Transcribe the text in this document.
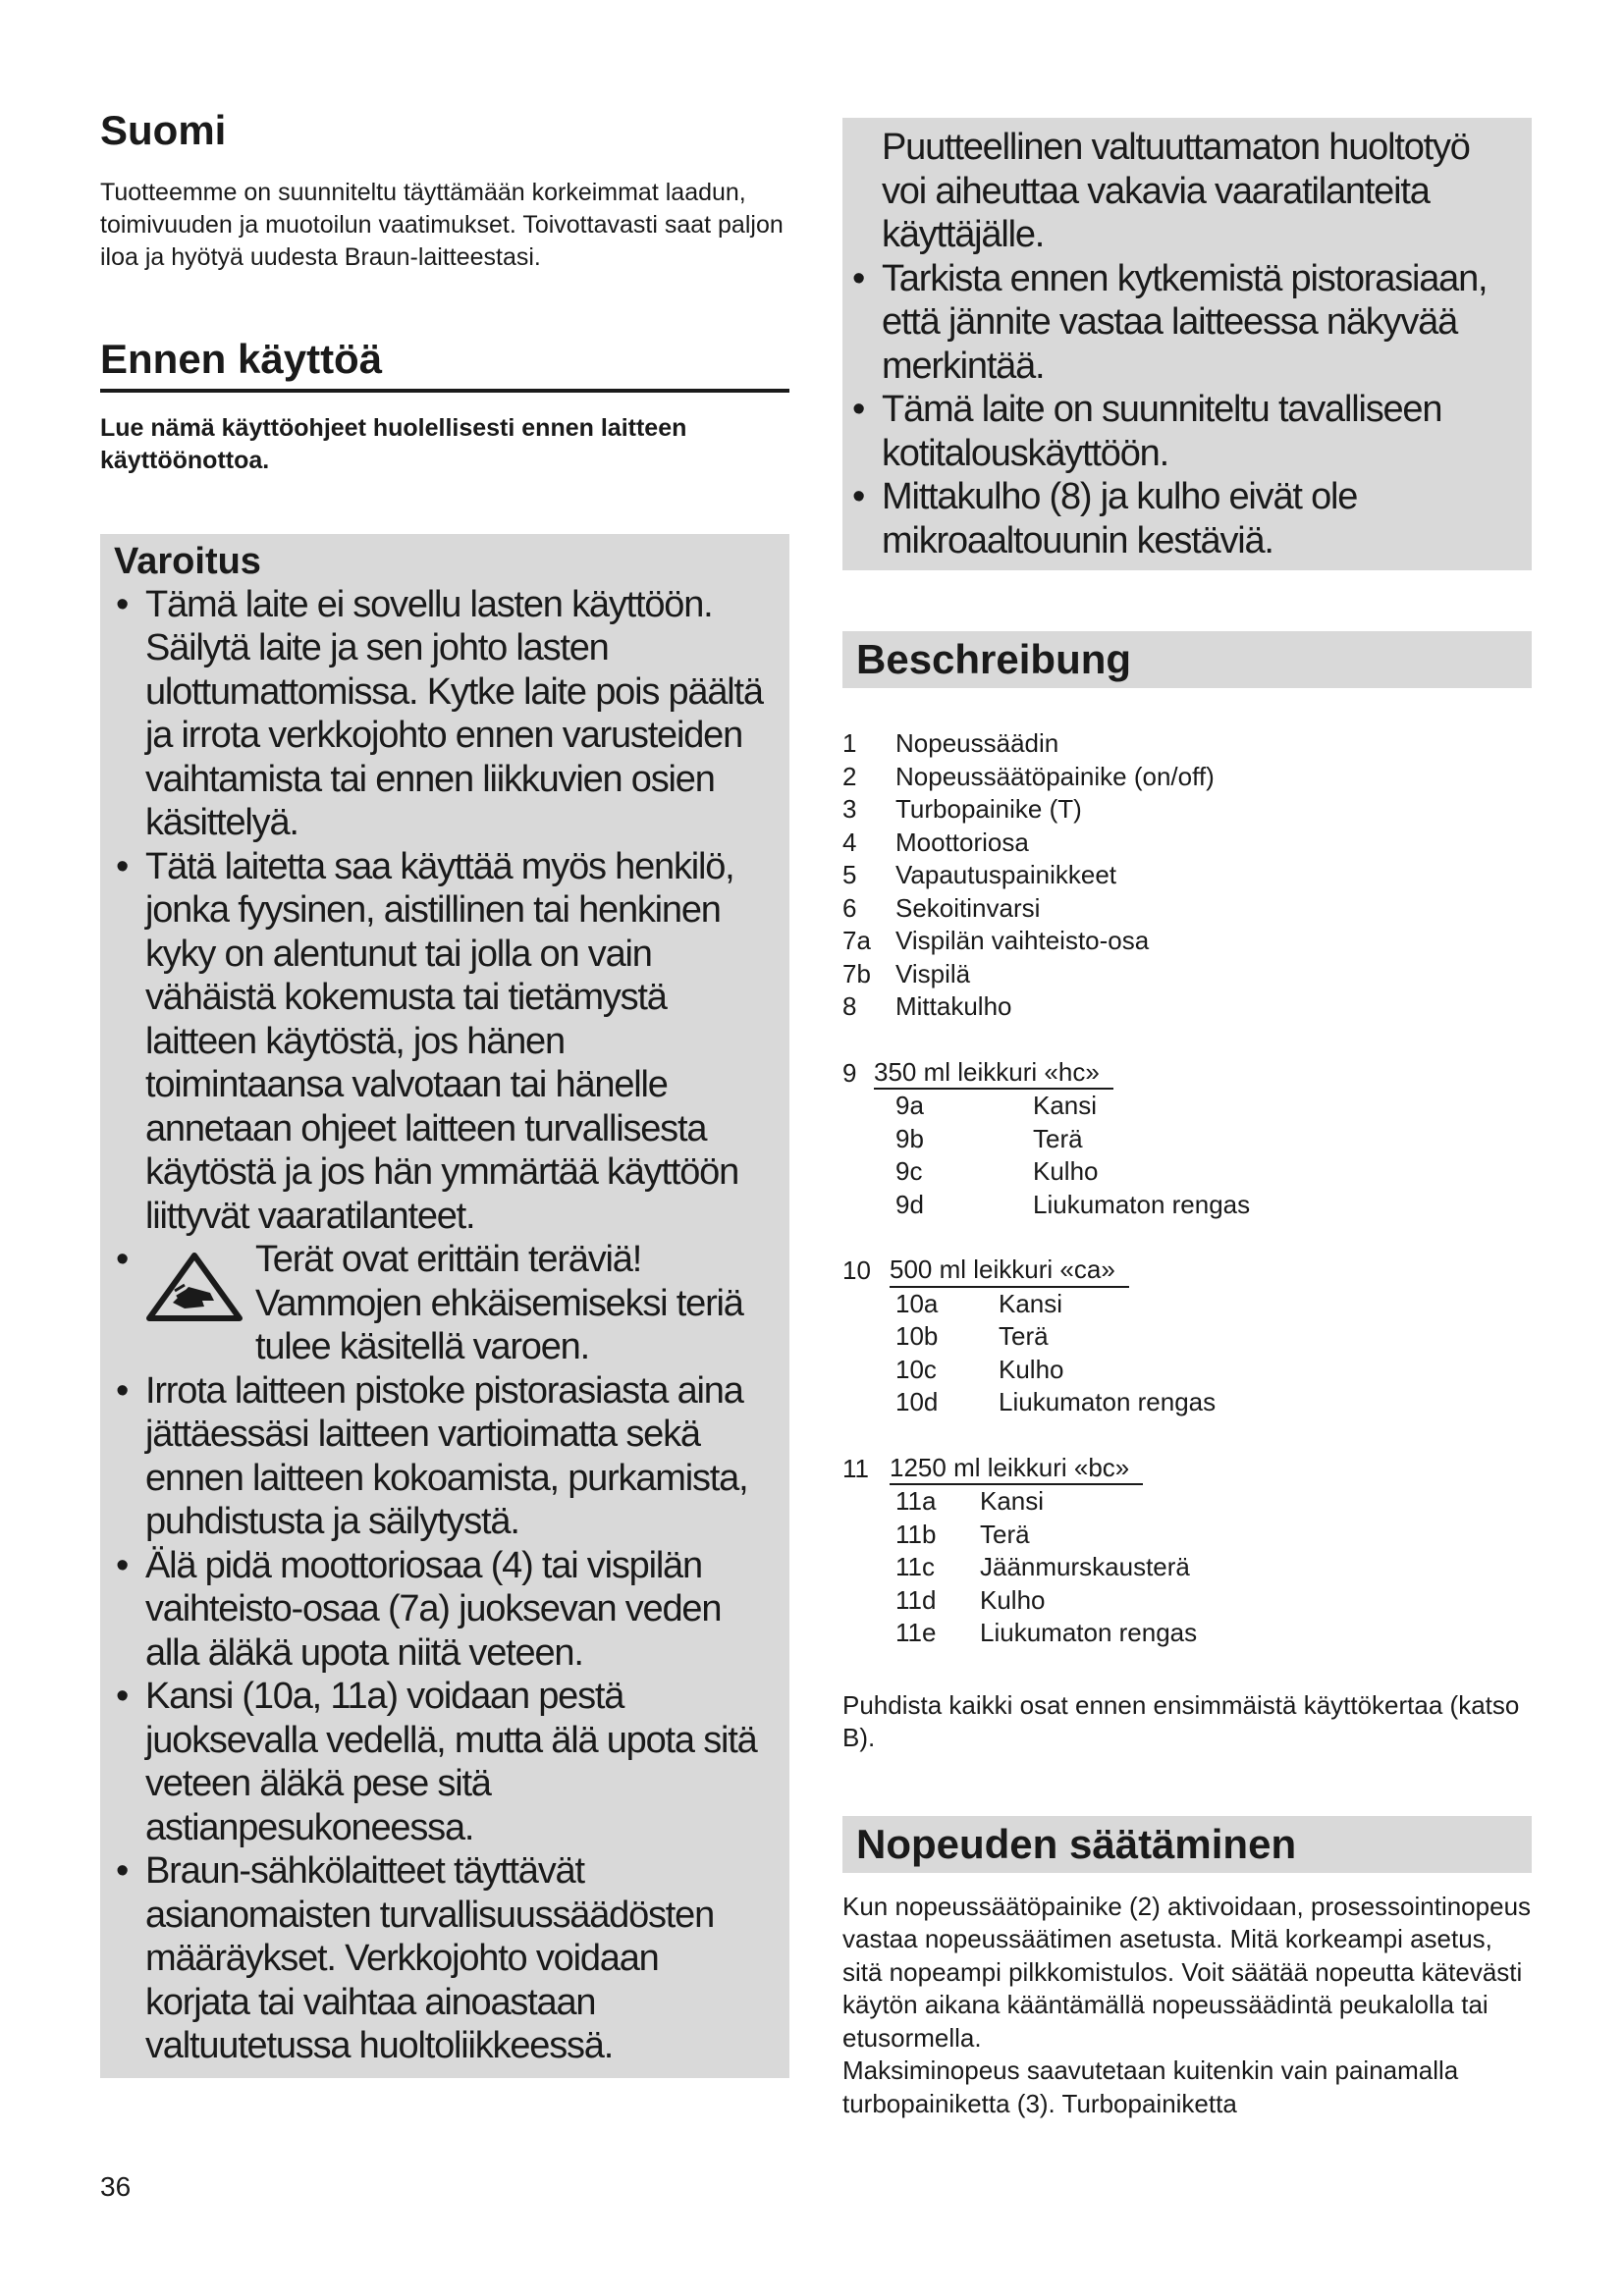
Suomi

Tuotteemme on suunniteltu täyttämään korkeimmat laadun, toimivuuden ja muotoilun vaatimukset. Toivottavasti saat paljon iloa ja hyötyä uudesta Braun-laitteestasi.

Ennen käyttöä

Lue nämä käyttöohjeet huolellisesti ennen laitteen käyttöönottoa.

Varoitus
• Tämä laite ei sovellu lasten käyttöön. Säilytä laite ja sen johto lasten ulottumattomissa. Kytke laite pois päältä ja irrota verkkojohto ennen varusteiden vaihtamista tai ennen liikkuvien osien käsittelyä.
• Tätä laitetta saa käyttää myös henkilö, jonka fyysinen, aistillinen tai henkinen kyky on alentunut tai jolla on vain vähäistä kokemusta tai tietämystä laitteen käytöstä, jos hänen toimintaansa valvotaan tai hänelle annetaan ohjeet laitteen turvallisesta käytöstä ja jos hän ymmärtää käyttöön liittyvät vaaratilanteet.
• Terät ovat erittäin teräviä! Vammojen ehkäisemiseksi teriä tulee käsitellä varoen.
• Irrota laitteen pistoke pistorasiasta aina jättäessäsi laitteen vartioimatta sekä ennen laitteen kokoamista, purkamista, puhdistusta ja säilytystä.
• Älä pidä moottoriosaa (4) tai vispilän vaihteisto-osaa (7a) juoksevan veden alla äläkä upota niitä veteen.
• Kansi (10a, 11a) voidaan pestä juoksevalla vedellä, mutta älä upota sitä veteen äläkä pese sitä astianpesukoneessa.
• Braun-sähkölaitteet täyttävät asianomaisten turvallisuussäädösten määräykset. Verkkojohto voidaan korjata tai vaihtaa ainoastaan valtuutetussa huoltoliikkeessä.
36
Puutteellinen valtuuttamaton huoltotyö voi aiheuttaa vakavia vaaratilanteita käyttäjälle.
• Tarkista ennen kytkemistä pistorasiaan, että jännite vastaa laitteessa näkyvää merkintää.
• Tämä laite on suunniteltu tavalliseen kotitalouskäyttöön.
• Mittakulho (8) ja kulho eivät ole mikroaaltouunin kestäviä.
Beschreibung
1	Nopeussäädin
2	Nopeussäätöpainike (on/off)
3	Turbopainike (T)
4	Moottoriosa
5	Vapautuspainikkeet
6	Sekoitinvarsi
7a Vispilän vaihteisto-osa
7b Vispilä
8	Mittakulho
9 350 ml leikkuri «hc»
9a	Kansi
9b	Terä
9c	Kulho
9d	Liukumaton rengas
10 500 ml leikkuri «ca»
10a	Kansi
10b	Terä
10c	Kulho
10d	Liukumaton rengas
11 1250 ml leikkuri «bc»
11a	Kansi
11b	Terä
11c	Jäänmurskausterä
11d	Kulho
11e	Liukumaton rengas

Puhdista kaikki osat ennen ensimmäistä käyttökertaa (katso B).

Nopeuden säätäminen

Kun nopeussäätöpainike (2) aktivoidaan, prosessointinopeus vastaa nopeussäätimen asetusta. Mitä korkeampi asetus, sitä nopeampi pilkkomistulos. Voit säätää nopeutta kätevästi käytön aikana kääntämällä nopeussäädintä peukalolla tai etusormella.

Maksiminopeus saavutetaan kuitenkin vain painamalla turbopainiketta (3). Turbopainiketta
